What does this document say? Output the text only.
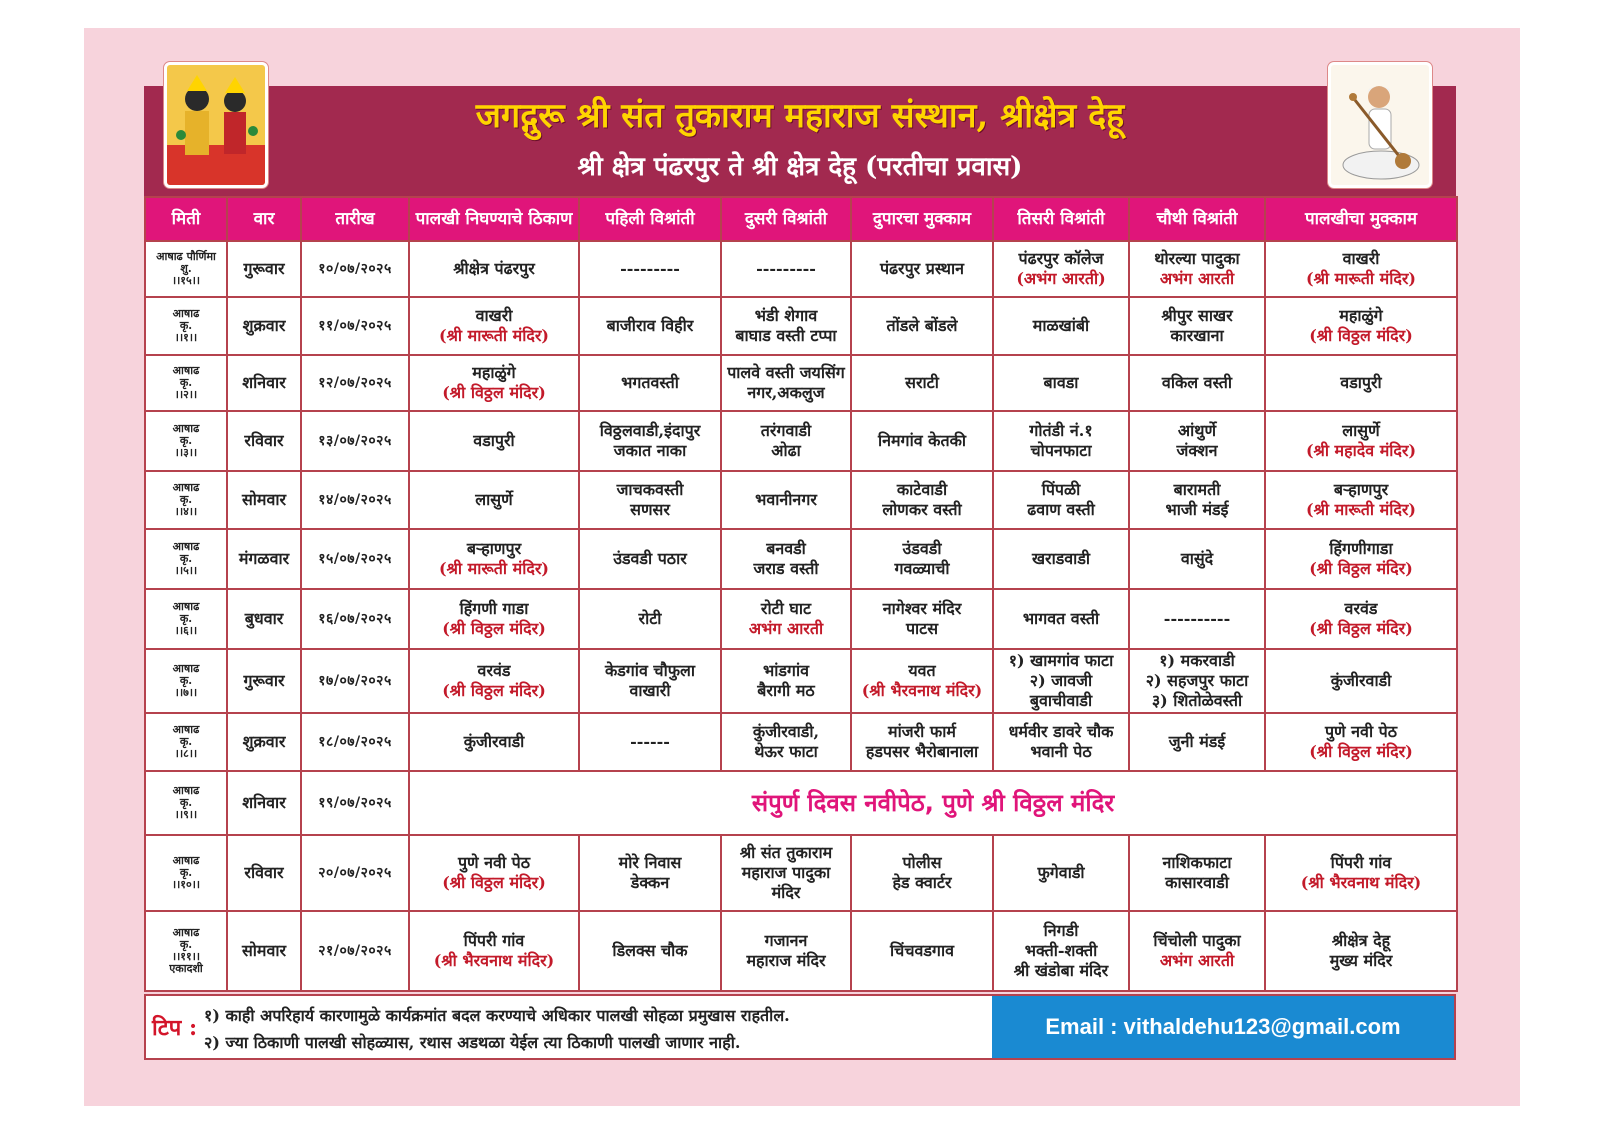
जगद्गुरू श्री संत तुकाराम महाराज संस्थान, श्रीक्षेत्र देहू
श्री क्षेत्र पंढरपुर ते श्री क्षेत्र देहू (परतीचा प्रवास)
मिती	वार	तारीख	पालखी निघण्याचे ठिकाण	पहिली विश्रांती	दुसरी विश्रांती	दुपारचा मुक्काम	तिसरी विश्रांती	चौथी विश्रांती	पालखीचा मुक्काम

आषाढ पौर्णिमा
शु.
।।१५।।	गुरूवार	१०/०७/२०२५	श्रीक्षेत्र पंढरपुर	---------	---------	पंढरपुर प्रस्थान	पंढरपुर कॉलेज
(अभंग आरती)	थोरल्या पादुका
अभंग आरती	वाखरी
(श्री मारूती मंदिर)

आषाढ
कृ.
।।१।।	शुक्रवार	११/०७/२०२५	वाखरी
(श्री मारूती मंदिर)	बाजीराव विहीर	भंडी शेगाव
बाघाड वस्ती टप्पा	तोंडले बोंडले	माळखांबी	श्रीपुर साखर
कारखाना	महाळुंगे
(श्री विठ्ठल मंदिर)

आषाढ
कृ.
।।२।।	शनिवार	१२/०७/२०२५	महाळुंगे
(श्री विठ्ठल मंदिर)	भगतवस्ती	पालवे वस्ती जयसिंग
नगर,अकलुज	सराटी	बावडा	वकिल वस्ती	वडापुरी

आषाढ
कृ.
।।३।।	रविवार	१३/०७/२०२५	वडापुरी	विठ्ठलवाडी,इंदापुर
जकात नाका	तरंगवाडी
ओढा	निमगांव केतकी	गोतंडी नं.१
चोपनफाटा	आंथुर्णे
जंक्शन	लासुर्णे
(श्री महादेव मंदिर)

आषाढ
कृ.
।।४।।	सोमवार	१४/०७/२०२५	लासुर्णे	जाचकवस्ती
सणसर	भवानीनगर	काटेवाडी
लोणकर वस्ती	पिंपळी
ढवाण वस्ती	बारामती
भाजी मंडई	बऱ्हाणपुर
(श्री मारूती मंदिर)

आषाढ
कृ.
।।५।।	मंगळवार	१५/०७/२०२५	बऱ्हाणपुर
(श्री मारूती मंदिर)	उंडवडी पठार	बनवडी
जराड वस्ती	उंडवडी
गवळ्याची	खराडवाडी	वासुंदे	हिंगणीगाडा
(श्री विठ्ठल मंदिर)

आषाढ
कृ.
।।६।।	बुधवार	१६/०७/२०२५	हिंगणी गाडा
(श्री विठ्ठल मंदिर)	रोटी	रोटी घाट
अभंग आरती	नागेश्वर मंदिर
पाटस	भागवत वस्ती	----------	वरवंड
(श्री विठ्ठल मंदिर)

आषाढ
कृ.
।।७।।	गुरूवार	१७/०७/२०२५	वरवंड
(श्री विठ्ठल मंदिर)	केडगांव चौफुला
वाखारी	भांडगांव
बैरागी मठ	यवत
(श्री भैरवनाथ मंदिर)	१) खामगांव फाटा
२) जावजी बुवाचीवाडी	१) मकरवाडी
२) सहजपुर फाटा
३) शितोळेवस्ती	कुंजीरवाडी

आषाढ
कृ.
।।८।।	शुक्रवार	१८/०७/२०२५	कुंजीरवाडी	------	कुंजीरवाडी,
थेऊर फाटा	मांजरी फार्म
हडपसर भैरोबानाला	धर्मवीर डावरे चौक
भवानी पेठ	जुनी मंडई	पुणे नवी पेठ
(श्री विठ्ठल मंदिर)

आषाढ
कृ.
।।९।।	शनिवार	१९/०७/२०२५	संपुर्ण दिवस नवीपेठ, पुणे श्री विठ्ठल मंदिर						

आषाढ
कृ.
।।१०।।	रविवार	२०/०७/२०२५	पुणे नवी पेठ
(श्री विठ्ठल मंदिर)	मोरे निवास
डेक्कन	श्री संत तुकाराम
महाराज पादुका मंदिर	पोलीस
हेड क्वार्टर	फुगेवाडी	नाशिकफाटा
कासारवाडी	पिंपरी गांव
(श्री भैरवनाथ मंदिर)

आषाढ
कृ.
।।११।।
एकादशी	सोमवार	२१/०७/२०२५	पिंपरी गांव
(श्री भैरवनाथ मंदिर)	डिलक्स चौक	गजानन
महाराज मंदिर	चिंचवडगाव	निगडी
भक्ती-शक्ती
श्री खंडोबा मंदिर	चिंचोली पादुका
अभंग आरती	श्रीक्षेत्र देहू
मुख्य मंदिर
टिप : १) काही अपरिहार्य कारणामुळे कार्यक्रमांत बदल करण्याचे अधिकार पालखी सोहळा प्रमुखास राहतील.
२) ज्या ठिकाणी पालखी सोहळ्यास, रथास अडथळा येईल त्या ठिकाणी पालखी जाणार नाही.
Email : vithaldehu123@gmail.com
